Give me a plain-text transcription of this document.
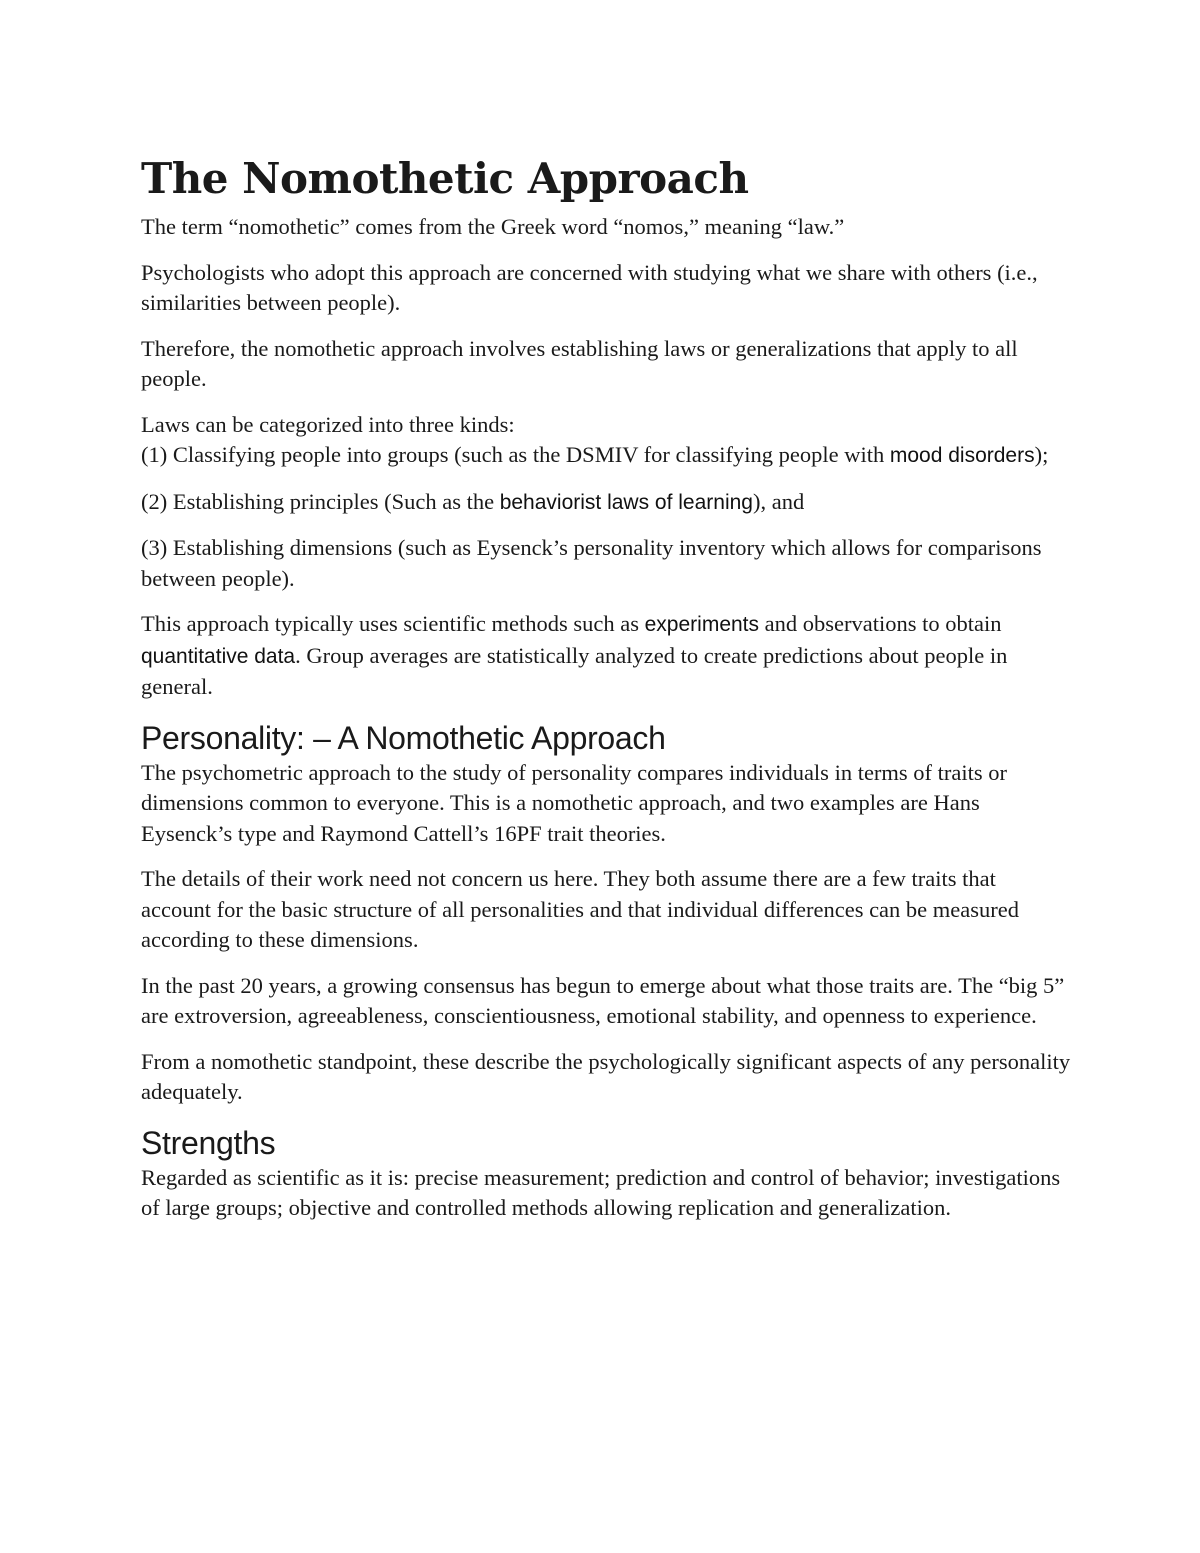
The Nomothetic Approach

The term “nomothetic” comes from the Greek word “nomos,” meaning “law.”

Psychologists who adopt this approach are concerned with studying what we share with others (i.e., similarities between people).

Therefore, the nomothetic approach involves establishing laws or generalizations that apply to all people.

Laws can be categorized into three kinds:

(1) Classifying people into groups (such as the DSMIV for classifying people with mood disorders);

(2) Establishing principles (Such as the behaviorist laws of learning), and

(3) Establishing dimensions (such as Eysenck’s personality inventory which allows for comparisons between people).

This approach typically uses scientific methods such as experiments and observations to obtain quantitative data. Group averages are statistically analyzed to create predictions about people in general.

Personality: – A Nomothetic Approach

The psychometric approach to the study of personality compares individuals in terms of traits or dimensions common to everyone. This is a nomothetic approach, and two examples are Hans Eysenck’s type and Raymond Cattell’s 16PF trait theories.

The details of their work need not concern us here. They both assume there are a few traits that account for the basic structure of all personalities and that individual differences can be measured according to these dimensions.

In the past 20 years, a growing consensus has begun to emerge about what those traits are. The “big 5” are extroversion, agreeableness, conscientiousness, emotional stability, and openness to experience.

From a nomothetic standpoint, these describe the psychologically significant aspects of any personality adequately.

Strengths

Regarded as scientific as it is: precise measurement; prediction and control of behavior; investigations of large groups; objective and controlled methods allowing replication and generalization.
